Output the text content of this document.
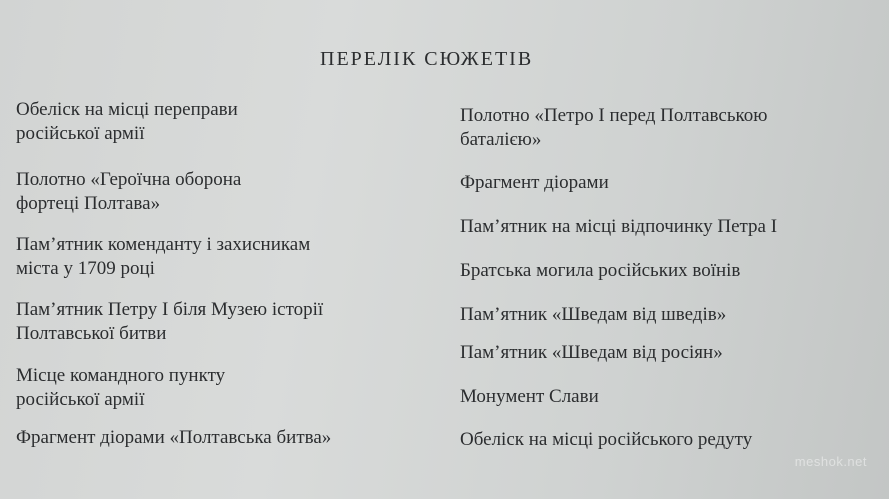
ПЕРЕЛІК СЮЖЕТІВ
Обеліск на місці переправи
російської армії
Полотно «Героїчна оборона
фортеці Полтава»
Пам’ятник коменданту і захисникам
міста у 1709 році
Пам’ятник Петру I біля Музею історії
Полтавської битви
Місце командного пункту
російської армії
Фрагмент діорами «Полтавська битва»
Полотно «Петро I перед Полтавською
баталією»
Фрагмент діорами
Пам’ятник на місці відпочинку Петра I
Братська могила російських воїнів
Пам’ятник «Шведам від шведів»
Пам’ятник «Шведам від росіян»
Монумент Слави
Обеліск на місці російського редуту
meshok.net
